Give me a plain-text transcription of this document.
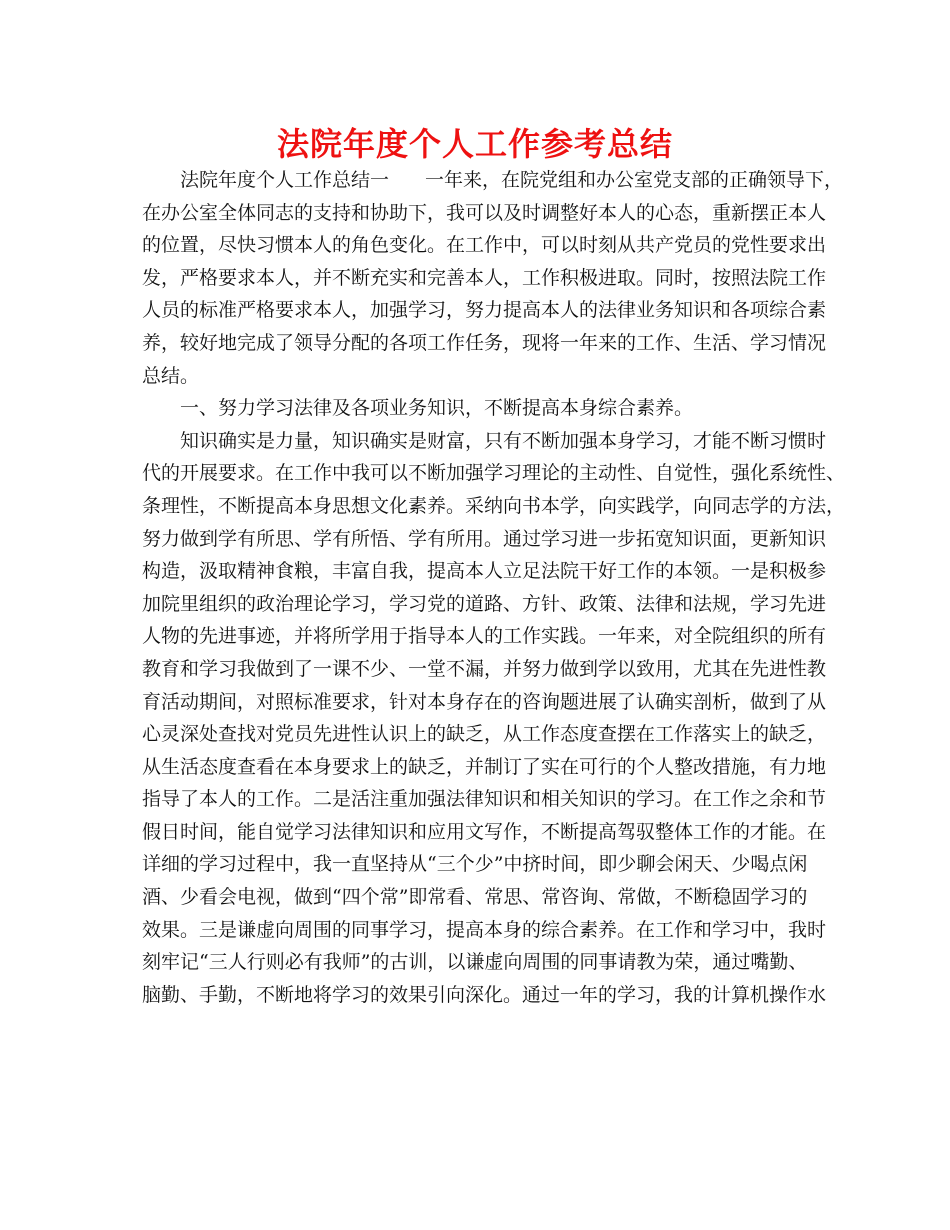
法院年度个人工作参考总结
法院年度个人工作总结一 一年来，在院党组和办公室党支部的正确领导下，
在办公室全体同志的支持和协助下，我可以及时调整好本人的心态，重新摆正本人
的位置，尽快习惯本人的角色变化。在工作中，可以时刻从共产党员的党性要求出
发，严格要求本人，并不断充实和完善本人，工作积极进取。同时，按照法院工作
人员的标准严格要求本人，加强学习，努力提高本人的法律业务知识和各项综合素
养，较好地完成了领导分配的各项工作任务，现将一年来的工作、生活、学习情况
总结。
一、努力学习法律及各项业务知识，不断提高本身综合素养。
知识确实是力量，知识确实是财富，只有不断加强本身学习，才能不断习惯时
代的开展要求。在工作中我可以不断加强学习理论的主动性、自觉性，强化系统性、
条理性，不断提高本身思想文化素养。采纳向书本学，向实践学，向同志学的方法，
努力做到学有所思、学有所悟、学有所用。通过学习进一步拓宽知识面，更新知识
构造，汲取精神食粮，丰富自我，提高本人立足法院干好工作的本领。一是积极参
加院里组织的政治理论学习，学习党的道路、方针、政策、法律和法规，学习先进
人物的先进事迹，并将所学用于指导本人的工作实践。一年来，对全院组织的所有
教育和学习我做到了一课不少、一堂不漏，并努力做到学以致用，尤其在先进性教
育活动期间，对照标准要求，针对本身存在的咨询题进展了认确实剖析，做到了从
心灵深处查找对党员先进性认识上的缺乏，从工作态度查摆在工作落实上的缺乏，
从生活态度查看在本身要求上的缺乏，并制订了实在可行的个人整改措施，有力地
指导了本人的工作。二是活注重加强法律知识和相关知识的学习。在工作之余和节
假日时间，能自觉学习法律知识和应用文写作，不断提高驾驭整体工作的才能。在
详细的学习过程中，我一直坚持从“三个少”中挤时间，即少聊会闲天、少喝点闲
酒、少看会电视，做到“四个常”即常看、常思、常咨询、常做，不断稳固学习的
效果。三是谦虚向周围的同事学习，提高本身的综合素养。在工作和学习中，我时
刻牢记“三人行则必有我师”的古训，以谦虚向周围的同事请教为荣，通过嘴勤、
脑勤、手勤，不断地将学习的效果引向深化。通过一年的学习，我的计算机操作水
